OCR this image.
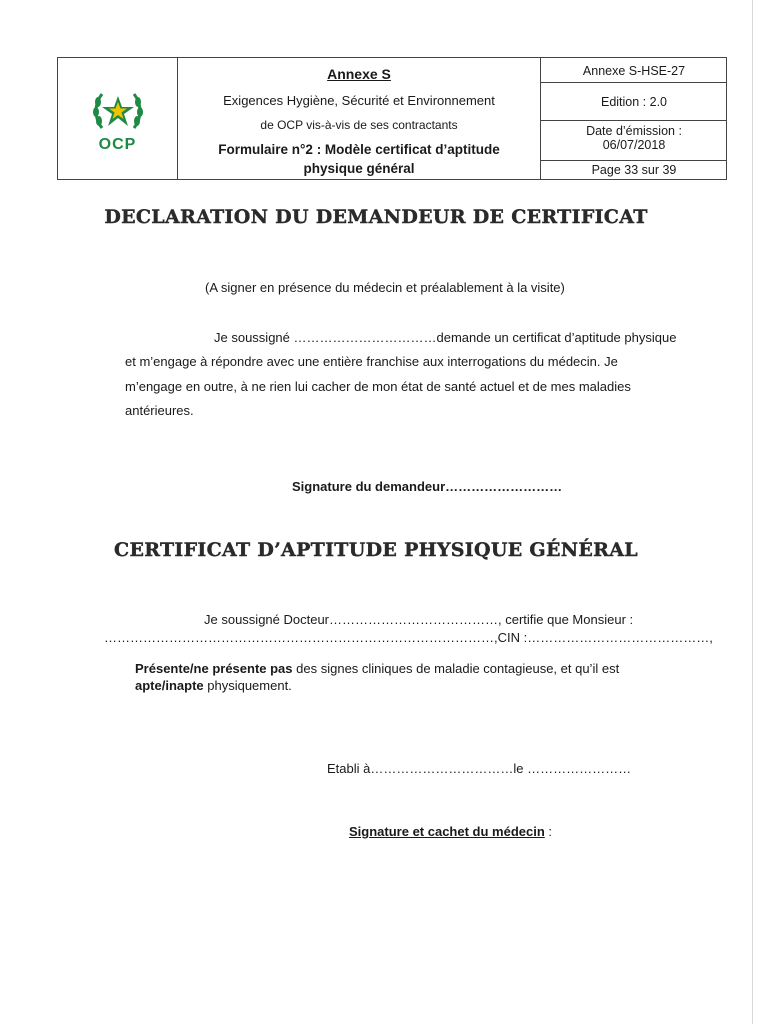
OCP
Annexe S
Exigences Hygiène, Sécurité et Environnement
de OCP vis-à-vis de ses contractants
Formulaire n°2 : Modèle certificat d’aptitude
physique général
Annexe S-HSE-27
Edition : 2.0
Date d’émission :
06/07/2018
Page 33 sur 39
DECLARATION DU DEMANDEUR DE CERTIFICAT
(A signer en présence du médecin et préalablement à la visite)
Je soussigné ……………………………demande un certificat d’aptitude physique
et m’engage à répondre avec une entière franchise aux interrogations du médecin. Je
m’engage en outre, à ne rien lui cacher de mon état de santé actuel et de mes maladies
antérieures.
Signature du demandeur………………………
CERTIFICAT D’APTITUDE PHYSIQUE GÉNÉRAL
Je soussigné Docteur…………………………………, certifie que Monsieur :
………………………………………………………………………………,CIN :……………………………………,
Présente/ne présente pas des signes cliniques de maladie contagieuse, et qu’il est
apte/inapte physiquement.
Etabli à……………………………le ……………………
Signature et cachet du médecin :
